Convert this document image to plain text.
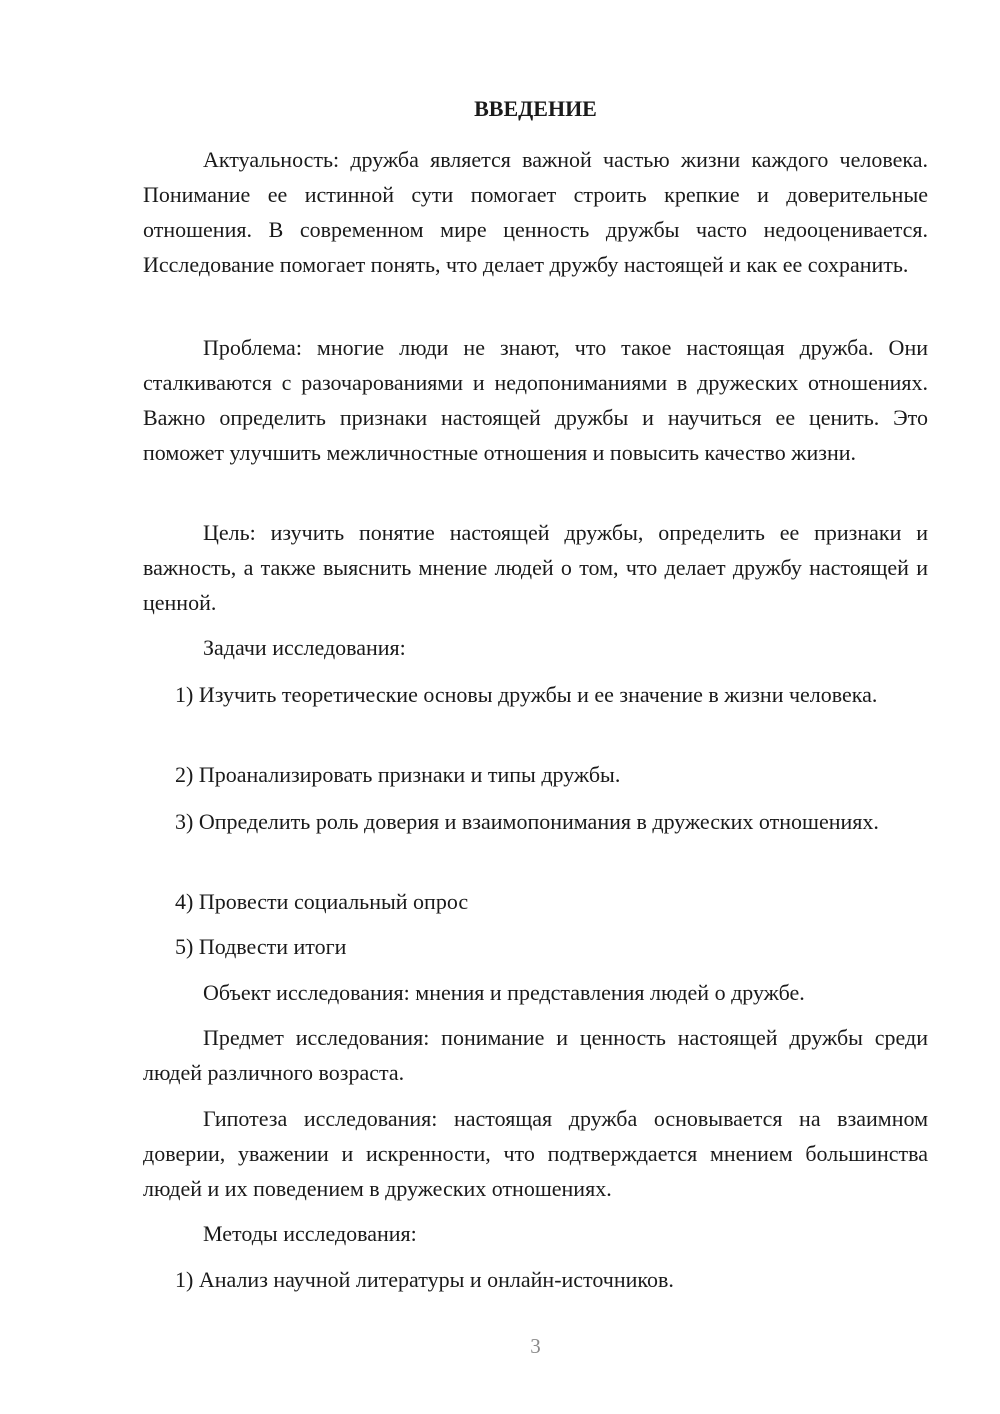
ВВЕДЕНИЕ

Актуальность: дружба является важной частью жизни каждого человека. Понимание ее истинной сути помогает строить крепкие и доверительные отношения. В современном мире ценность дружбы часто недооценивается. Исследование помогает понять, что делает дружбу настоящей и как ее сохранить.

Проблема: многие люди не знают, что такое настоящая дружба. Они сталкиваются с разочарованиями и недопониманиями в дружеских отношениях. Важно определить признаки настоящей дружбы и научиться ее ценить. Это поможет улучшить межличностные отношения и повысить качество жизни.

Цель: изучить понятие настоящей дружбы, определить ее признаки и важность, а также выяснить мнение людей о том, что делает дружбу настоящей и ценной.

Задачи исследования:

1) Изучить теоретические основы дружбы и ее значение в жизни человека.

2) Проанализировать признаки и типы дружбы.

3) Определить роль доверия и взаимопонимания в дружеских отношениях.

4) Провести социальный опрос

5) Подвести итоги

Объект исследования: мнения и представления людей о дружбе.

Предмет исследования: понимание и ценность настоящей дружбы среди людей различного возраста.

Гипотеза исследования: настоящая дружба основывается на взаимном доверии, уважении и искренности, что подтверждается мнением большинства людей и их поведением в дружеских отношениях.

Методы исследования:

1) Анализ научной литературы и онлайн-источников.

3
